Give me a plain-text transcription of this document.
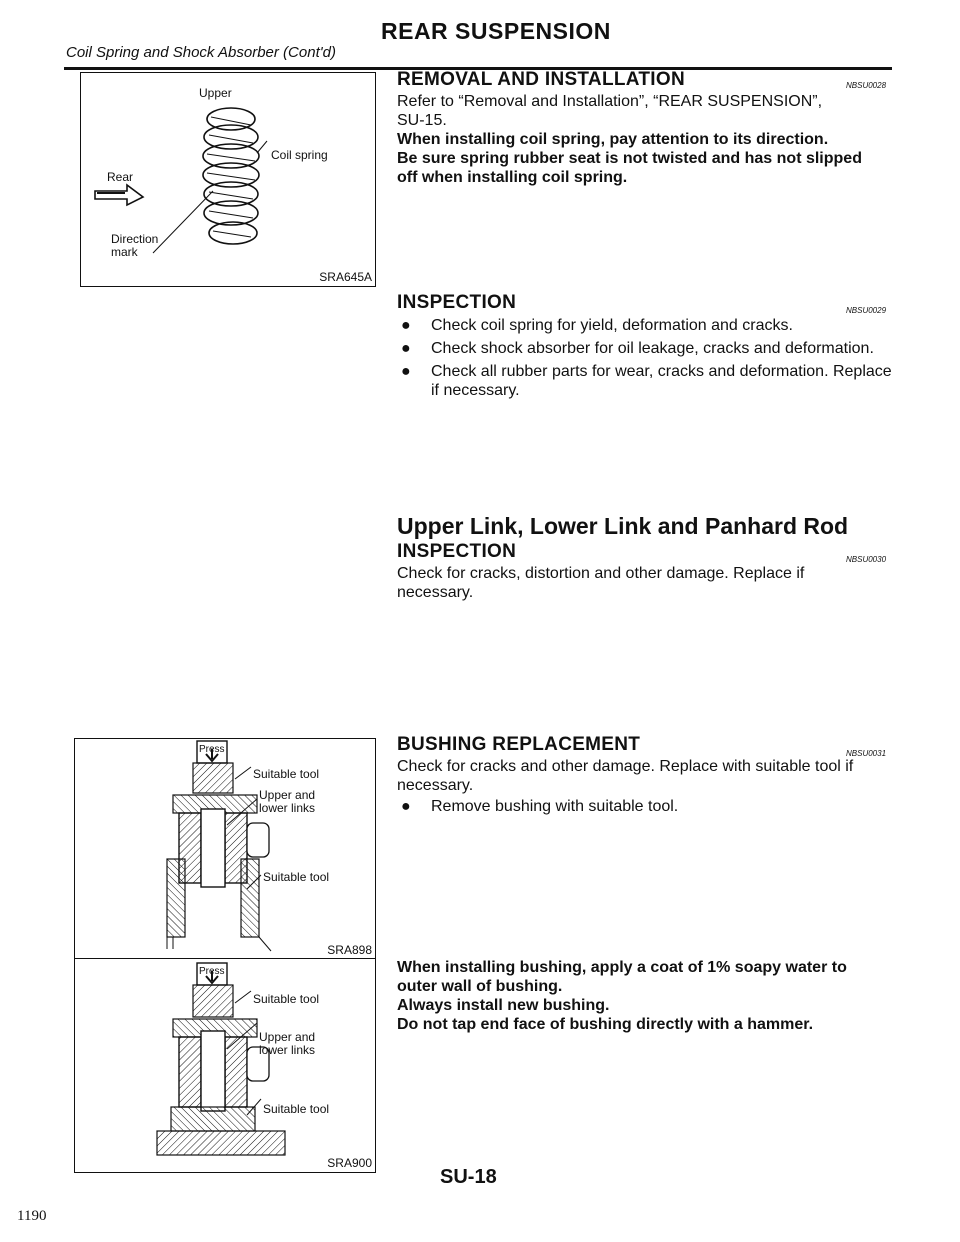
Coil Spring and Shock Absorber (Cont'd)
REAR SUSPENSION
Upper
Coil spring
Rear
Direction
mark
SRA645A
Press
Suitable tool
Upper and
lower links
Suitable tool
SRA898
Press
Suitable tool
Upper and
lower links
Suitable tool
SRA900
REMOVAL AND INSTALLATION	NBSU0028
Refer to “Removal and Installation”, “REAR SUSPENSION”,
SU-15.
When installing coil spring, pay attention to its direction.
Be sure spring rubber seat is not twisted and has not slipped
off when installing coil spring.
INSPECTION	NBSU0029
● Check coil spring for yield, deformation and cracks.
● Check shock absorber for oil leakage, cracks and deformation.
● Check all rubber parts for wear, cracks and deformation. Replace if necessary.
Upper Link, Lower Link and Panhard Rod
INSPECTION	NBSU0030
Check for cracks, distortion and other damage. Replace if
necessary.
BUSHING REPLACEMENT	NBSU0031
Check for cracks and other damage. Replace with suitable tool if
necessary.
● Remove bushing with suitable tool.
When installing bushing, apply a coat of 1% soapy water to
outer wall of bushing.
Always install new bushing.
Do not tap end face of bushing directly with a hammer.
SU-18
1190
